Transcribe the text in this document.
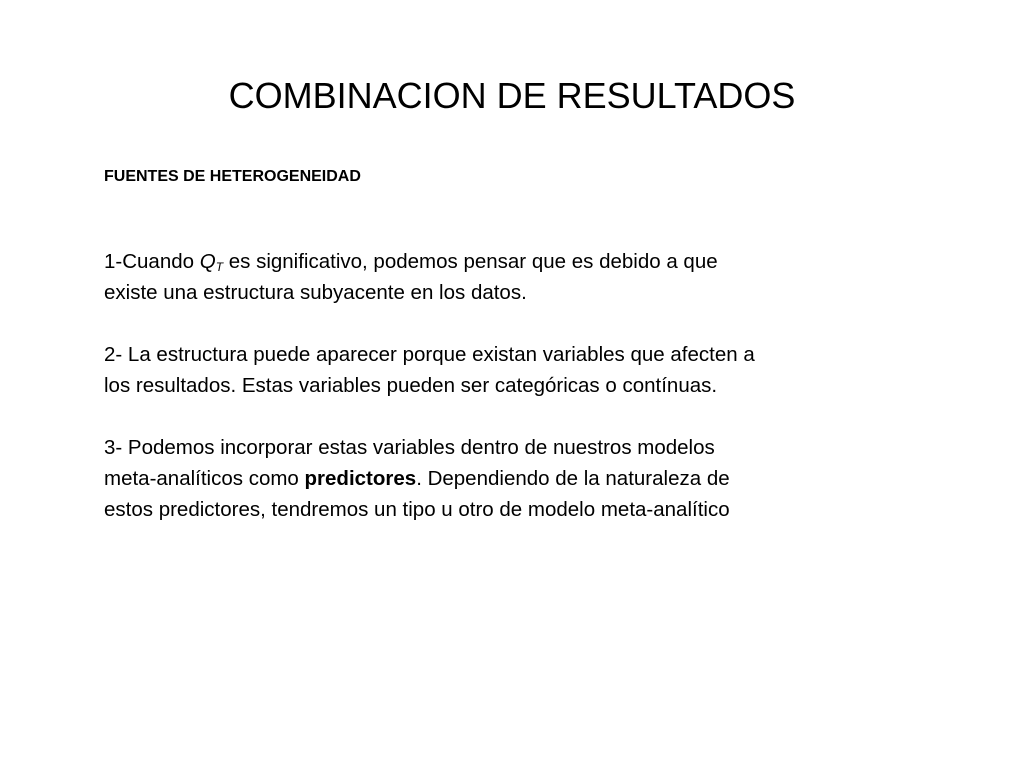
COMBINACION DE RESULTADOS

FUENTES DE HETEROGENEIDAD

1-Cuando $Q_T$ es significativo, podemos pensar que es debido a que
existe una estructura subyacente en los datos.

2- La estructura puede aparecer porque existan variables que afecten a
los resultados. Estas variables pueden ser categóricas o contínuas.

3- Podemos incorporar estas variables dentro de nuestros modelos
meta-analíticos como predictores. Dependiendo de la naturaleza de
estos predictores, tendremos un tipo u otro de modelo meta-analítico
